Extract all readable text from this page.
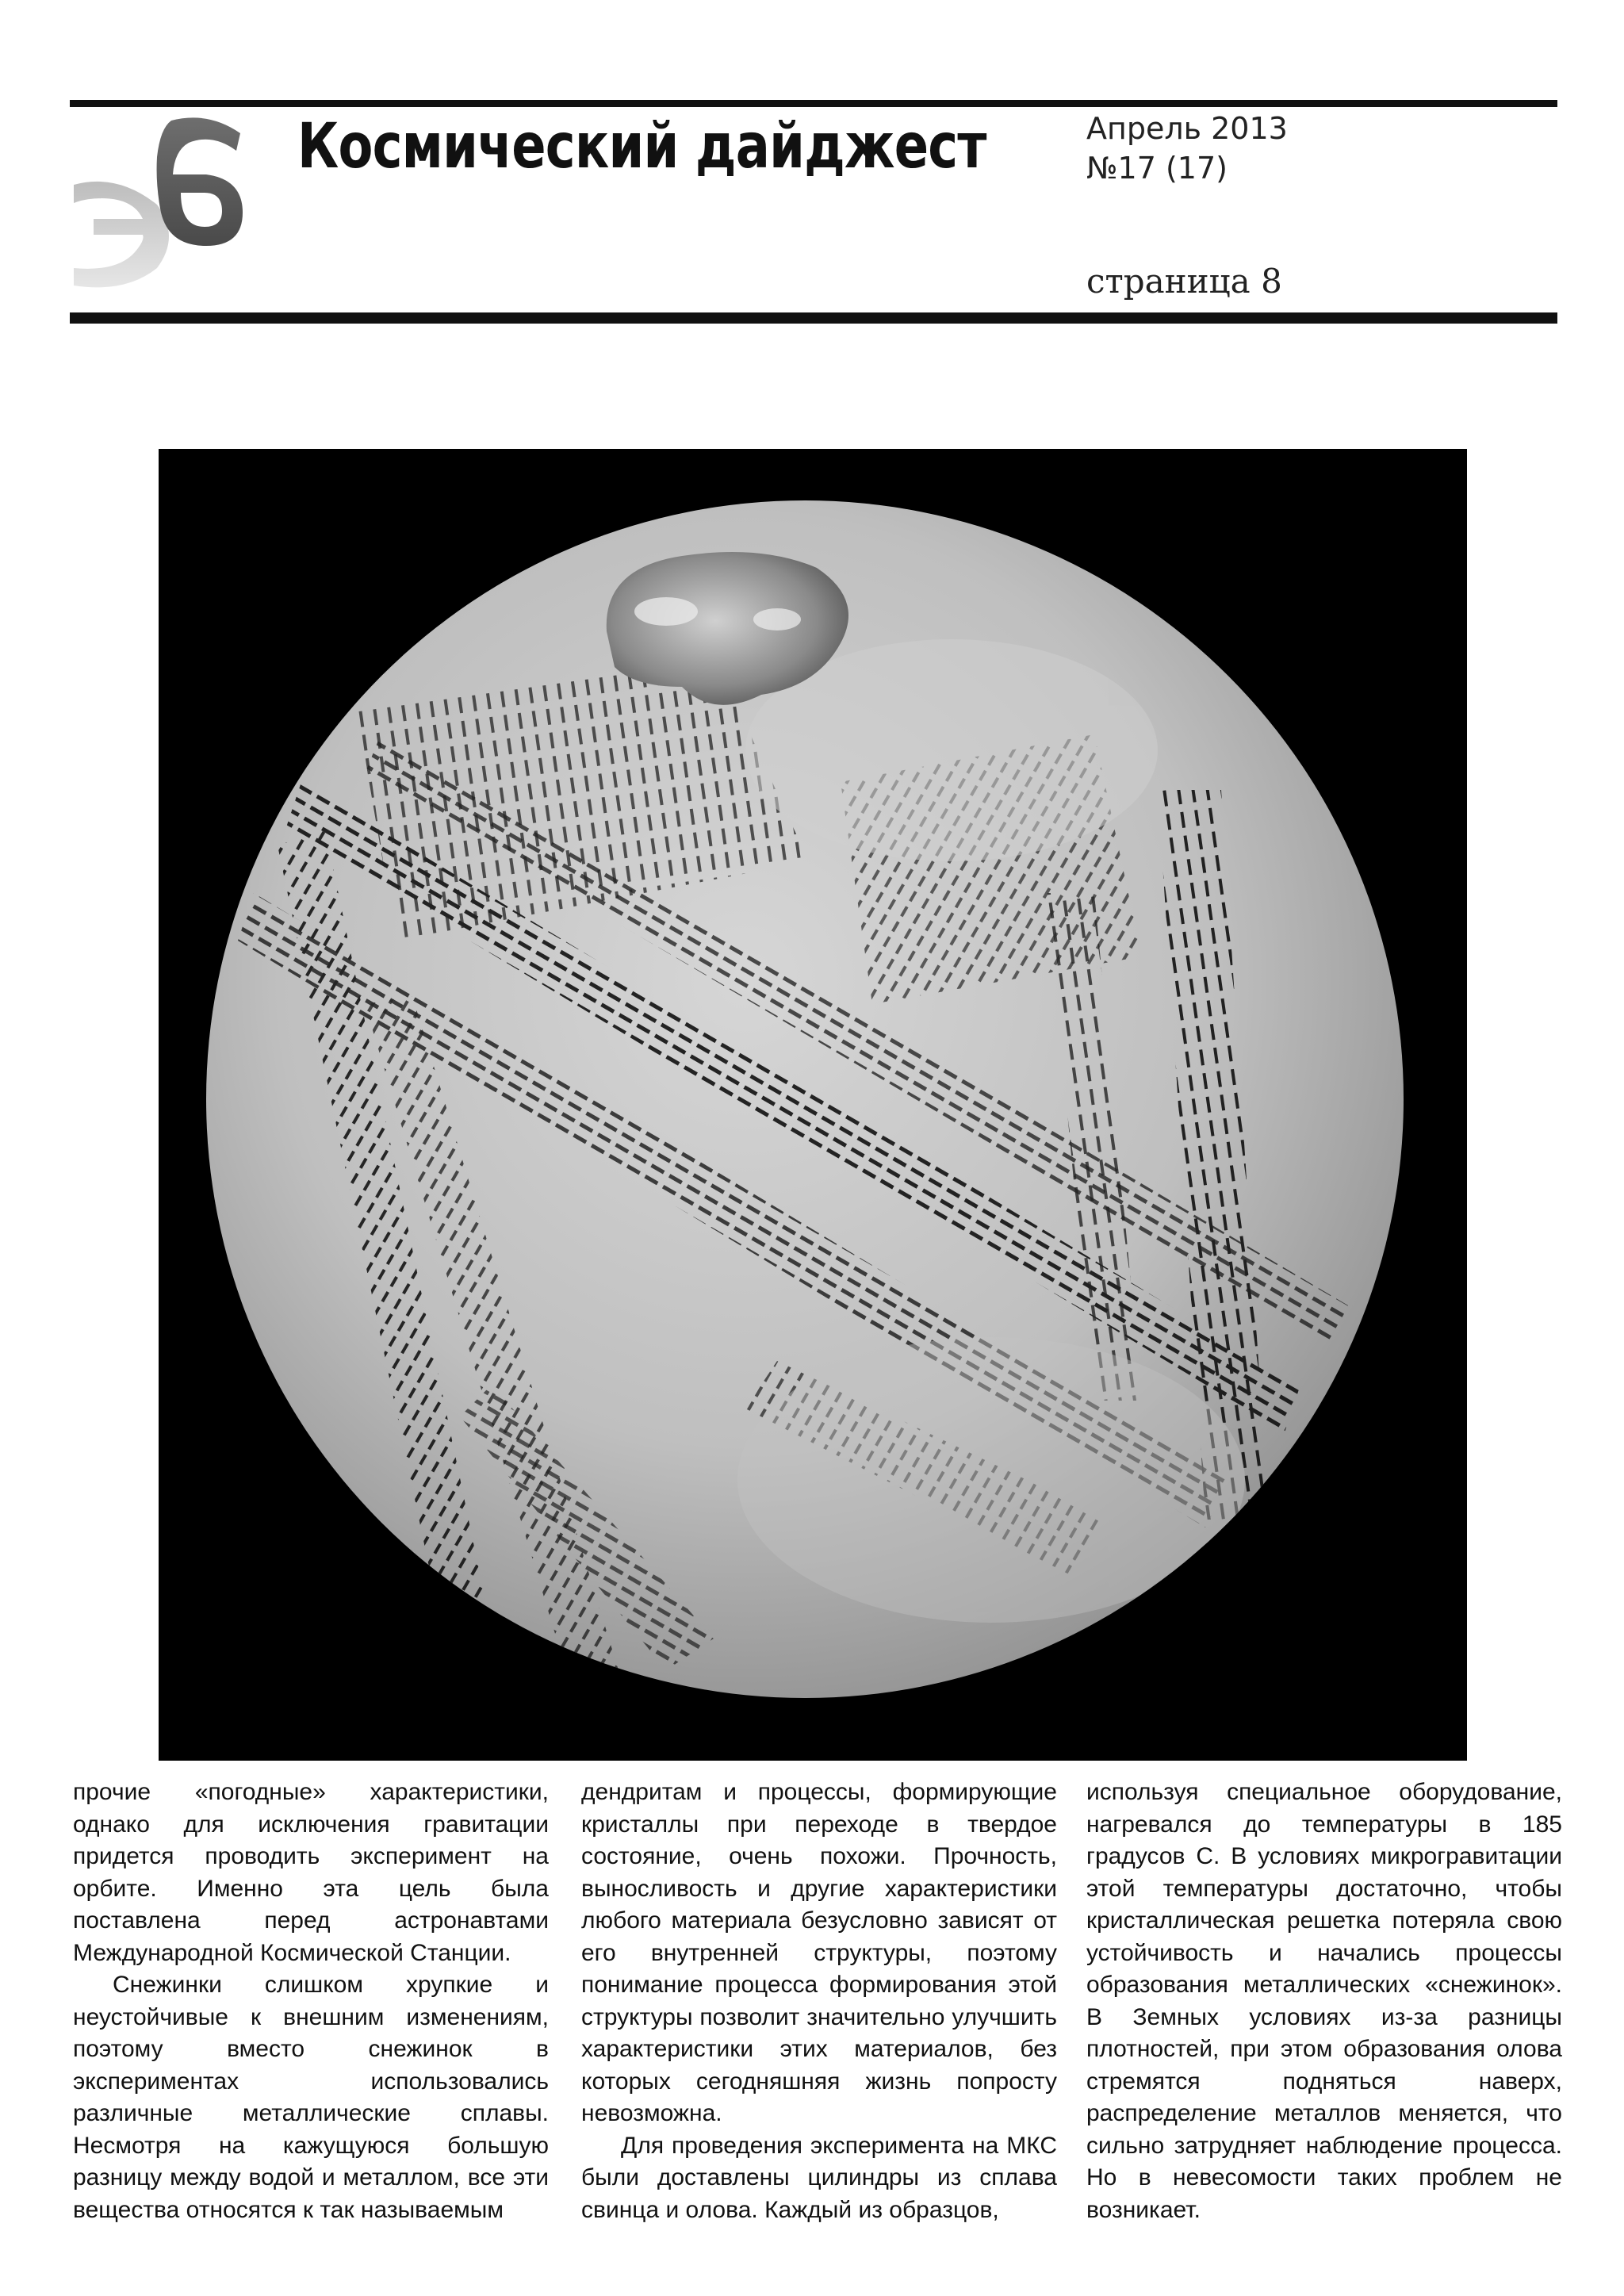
Космический дайджест	Апрель 2013
№17 (17)
страница 8

прочие «погодные» характеристики, однако для исключения гравитации придется проводить эксперимент на орбите. Именно эта цель была поставлена перед астронавтами Международной Космической Станции.

Снежинки слишком хрупкие и неустойчивые к внешним изменениям, поэтому вместо снежинок в экспериментах использовались различные металлические сплавы. Несмотря на кажущуюся большую разницу между водой и металлом, все эти вещества относятся к так называемым

дендритам и процессы, формирующие кристаллы при переходе в твердое состояние, очень похожи. Прочность, выносливость и другие характеристики любого материала безусловно зависят от его внутренней структуры, поэтому понимание процесса формирования этой структуры позволит значительно улучшить характеристики этих материалов, без которых сегодняшняя жизнь попросту невозможна.

Для проведения эксперимента на МКС были доставлены цилиндры из сплава свинца и олова. Каждый из образцов,

используя специальное оборудование, нагревался до температуры в 185 градусов С. В условиях микрогравитации этой температуры достаточно, чтобы кристаллическая решетка потеряла свою устойчивость и начались процессы образования металлических «снежинок». В Земных условиях из-за разницы плотностей, при этом образования олова стремятся подняться наверх, распределение металлов меняется, что сильно затрудняет наблюдение процесса. Но в невесомости таких проблем не возникает.
